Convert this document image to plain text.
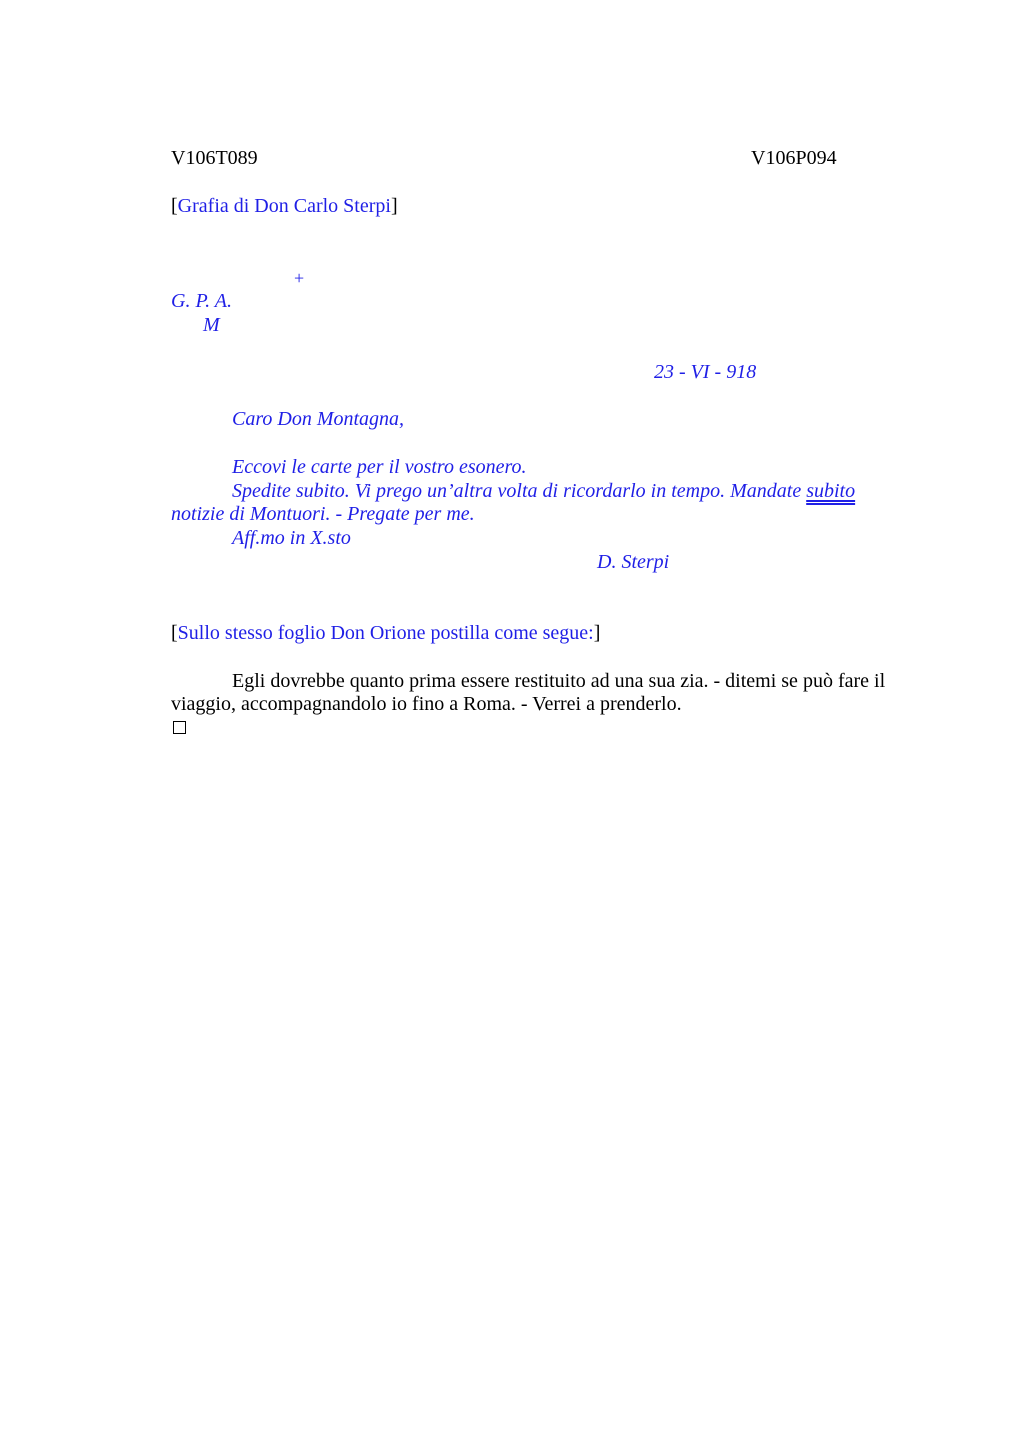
V106T089	V106P094
[Grafia di Don Carlo Sterpi]
+
G. P. A.
M
23 - VI - 918
Caro Don Montagna,
Eccovi le carte per il vostro esonero.
Spedite subito. Vi prego un’altra volta di ricordarlo in tempo. Mandate subito
notizie di Montuori. - Pregate per me.
Aff.mo in X.sto
D. Sterpi
[Sullo stesso foglio Don Orione postilla come segue:]
Egli dovrebbe quanto prima essere restituito ad una sua zia. - ditemi se può fare il
viaggio, accompagnandolo io fino a Roma. - Verrei a prenderlo.
